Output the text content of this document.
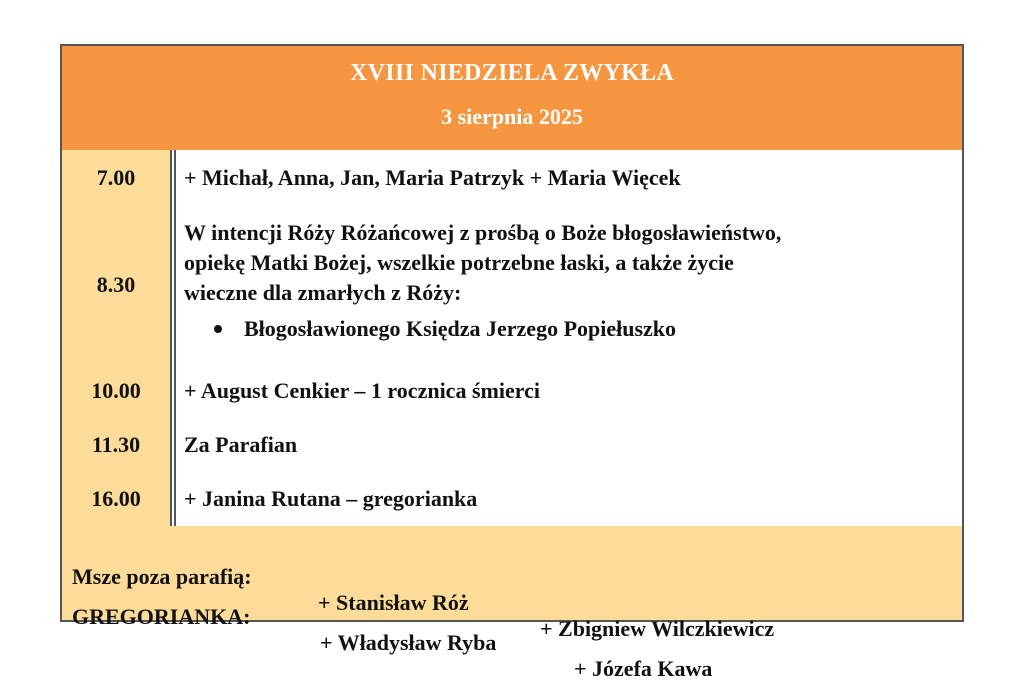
XVIII NIEDZIELA ZWYKŁA
3 sierpnia 2025
7.00 + Michał, Anna, Jan, Maria Patrzyk + Maria Więcek
8.30
W intencji Róży Różańcowej z prośbą o Boże błogosławieństwo,
opiekę Matki Bożej, wszelkie potrzebne łaski, a także życie
wieczne dla zmarłych z Róży:
Błogosławionego Księdza Jerzego Popiełuszko
10.00 + August Cenkier – 1 rocznica śmierci
11.30 Za Parafian
16.00 + Janina Rutana – gregorianka

Msze poza parafią:

+ Stanisław Róż

+ Zbigniew Wilczkiewicz

GREGORIANKA:

+ Władysław Ryba

+ Józefa Kawa
